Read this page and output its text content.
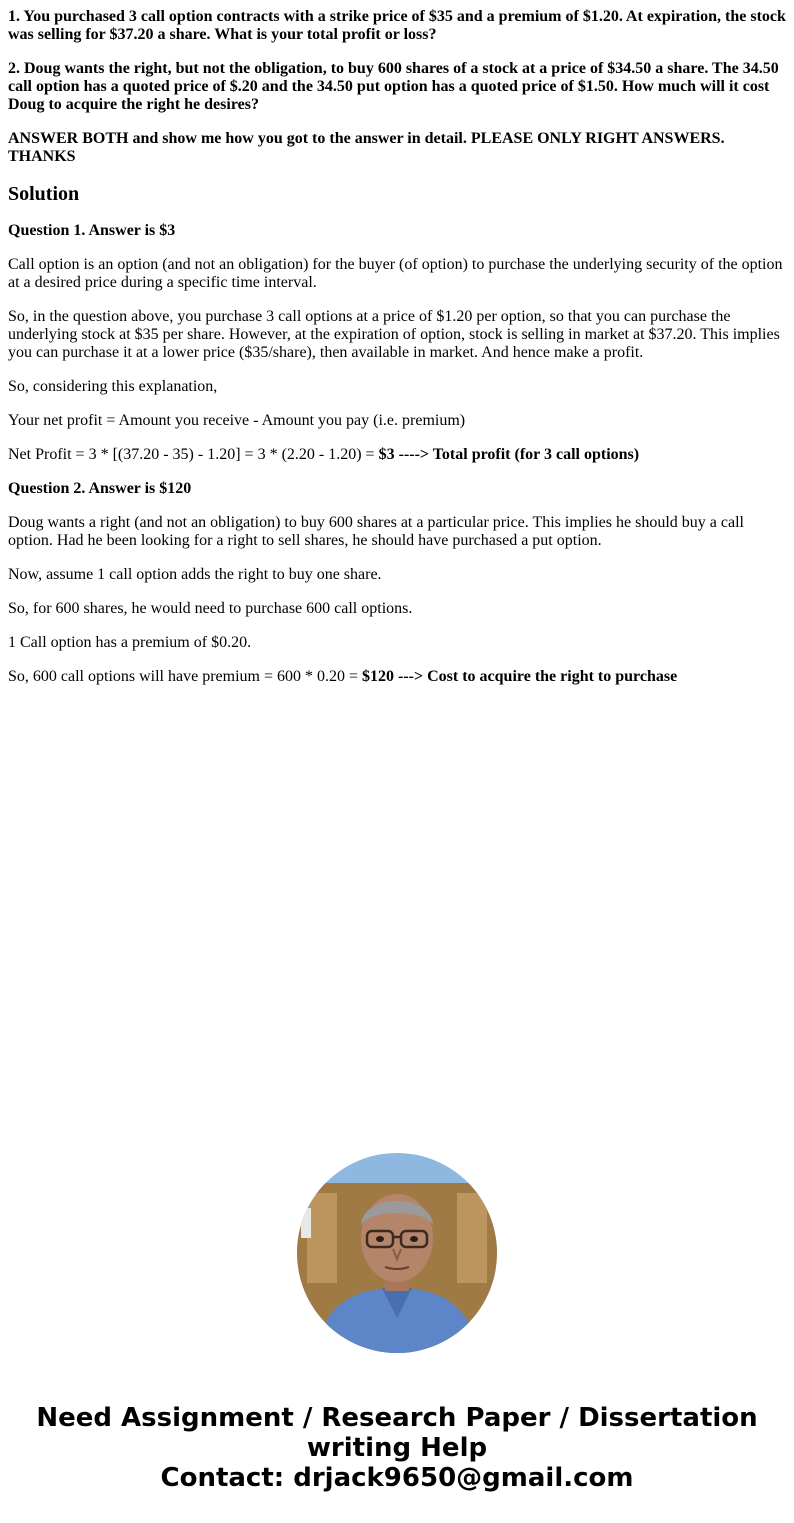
1. You purchased 3 call option contracts with a strike price of $35 and a premium of $1.20. At expiration, the stock was selling for $37.20 a share. What is your total profit or loss?

2. Doug wants the right, but not the obligation, to buy 600 shares of a stock at a price of $34.50 a share. The 34.50 call option has a quoted price of $.20 and the 34.50 put option has a quoted price of $1.50. How much will it cost Doug to acquire the right he desires?

ANSWER BOTH and show me how you got to the answer in detail. PLEASE ONLY RIGHT ANSWERS. THANKS

Solution

Question 1. Answer is $3

Call option is an option (and not an obligation) for the buyer (of option) to purchase the underlying security of the option at a desired price during a specific time interval.

So, in the question above, you purchase 3 call options at a price of $1.20 per option, so that you can purchase the underlying stock at $35 per share. However, at the expiration of option, stock is selling in market at $37.20. This implies you can purchase it at a lower price ($35/share), then available in market. And hence make a profit.

So, considering this explanation,

Your net profit = Amount you receive - Amount you pay (i.e. premium)

Net Profit = 3 * [(37.20 - 35) - 1.20] = 3 * (2.20 - 1.20) = $3 ----> Total profit (for 3 call options)

Question 2. Answer is $120

Doug wants a right (and not an obligation) to buy 600 shares at a particular price. This implies he should buy a call option. Had he been looking for a right to sell shares, he should have purchased a put option.

Now, assume 1 call option adds the right to buy one share.

So, for 600 shares, he would need to purchase 600 call options.

1 Call option has a premium of $0.20.

So, 600 call options will have premium = 600 * 0.20 = $120 ---> Cost to acquire the right to purchase

Need Assignment / Research Paper / Dissertation
writing Help
Contact: drjack9650@gmail.com
